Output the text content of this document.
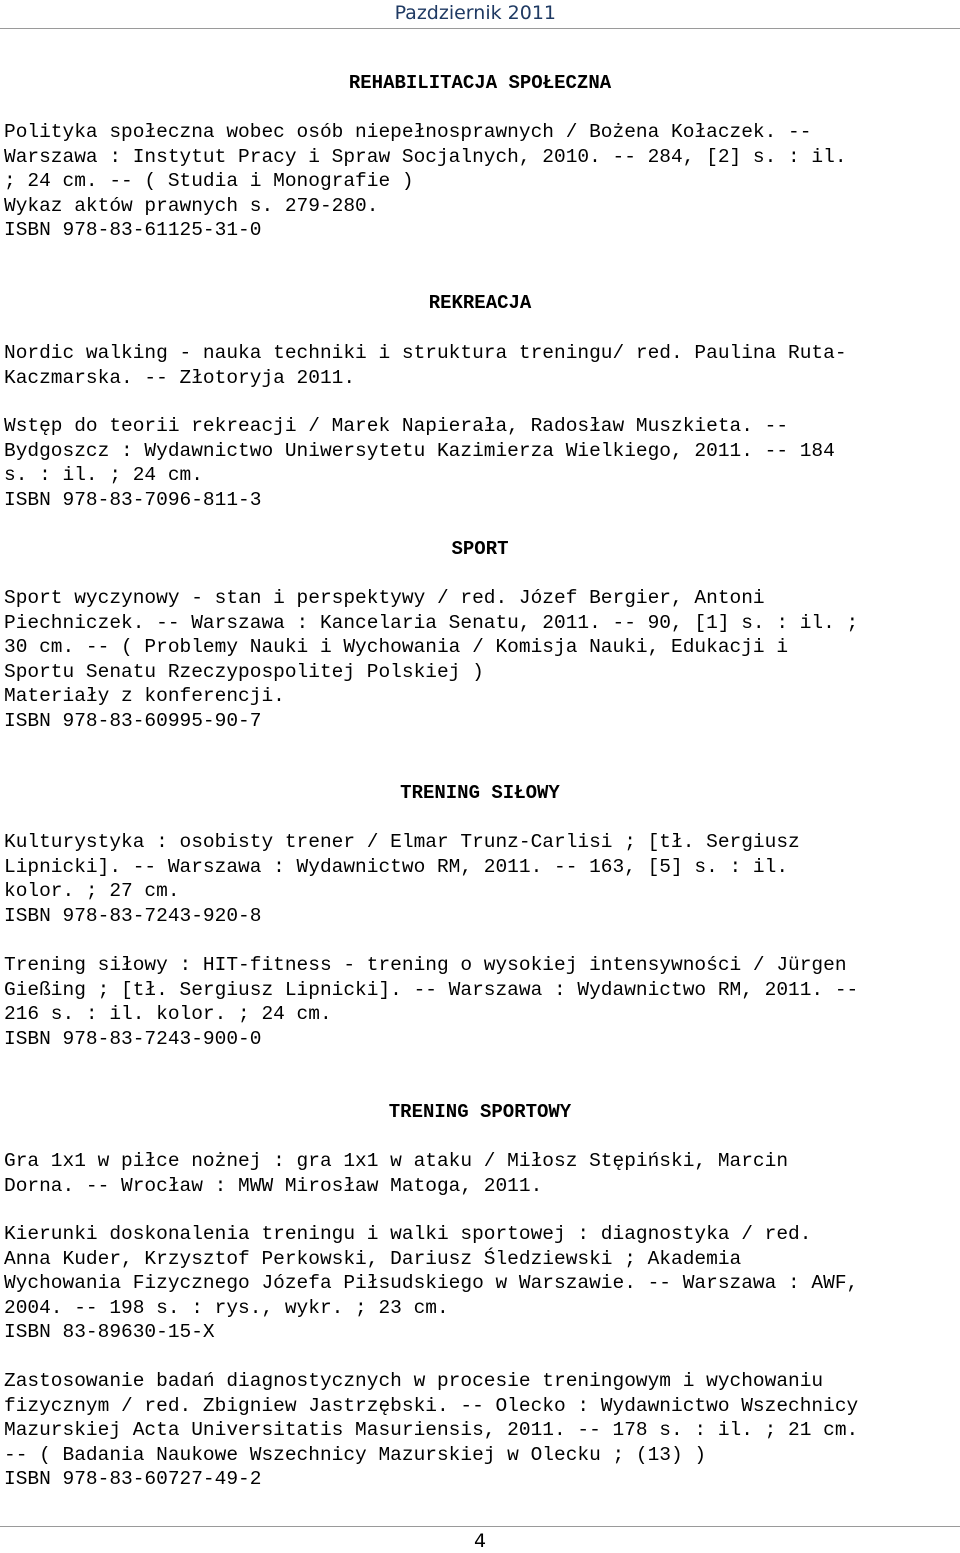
Pazdziernik 2011
REHABILITACJA SPOŁECZNA
Polityka społeczna wobec osób niepełnosprawnych / Bożena Kołaczek. --
Warszawa : Instytut Pracy i Spraw Socjalnych, 2010. -- 284, [2] s. : il.
; 24 cm. -- ( Studia i Monografie )
Wykaz aktów prawnych s. 279-280.
ISBN 978-83-61125-31-0
REKREACJA
Nordic walking - nauka techniki i struktura treningu/ red. Paulina Ruta-
Kaczmarska. -- Złotoryja 2011.
Wstęp do teorii rekreacji / Marek Napierała, Radosław Muszkieta. --
Bydgoszcz : Wydawnictwo Uniwersytetu Kazimierza Wielkiego, 2011. -- 184
s. : il. ; 24 cm.
ISBN 978-83-7096-811-3
SPORT
Sport wyczynowy - stan i perspektywy / red. Józef Bergier, Antoni
Piechniczek. -- Warszawa : Kancelaria Senatu, 2011. -- 90, [1] s. : il. ;
30 cm. -- ( Problemy Nauki i Wychowania / Komisja Nauki, Edukacji i
Sportu Senatu Rzeczypospolitej Polskiej )
Materiały z konferencji.
ISBN 978-83-60995-90-7
TRENING SIŁOWY
Kulturystyka : osobisty trener / Elmar Trunz-Carlisi ; [tł. Sergiusz
Lipnicki]. -- Warszawa : Wydawnictwo RM, 2011. -- 163, [5] s. : il.
kolor. ; 27 cm.
ISBN 978-83-7243-920-8
Trening siłowy : HIT-fitness - trening o wysokiej intensywności / Jürgen
Gießing ; [tł. Sergiusz Lipnicki]. -- Warszawa : Wydawnictwo RM, 2011. --
216 s. : il. kolor. ; 24 cm.
ISBN 978-83-7243-900-0
TRENING SPORTOWY
Gra 1x1 w piłce nożnej : gra 1x1 w ataku / Miłosz Stępiński, Marcin
Dorna. -- Wrocław : MWW Mirosław Matoga, 2011.
Kierunki doskonalenia treningu i walki sportowej : diagnostyka / red.
Anna Kuder, Krzysztof Perkowski, Dariusz Śledziewski ; Akademia
Wychowania Fizycznego Józefa Piłsudskiego w Warszawie. -- Warszawa : AWF,
2004. -- 198 s. : rys., wykr. ; 23 cm.
ISBN 83-89630-15-X
Zastosowanie badań diagnostycznych w procesie treningowym i wychowaniu
fizycznym / red. Zbigniew Jastrzębski. -- Olecko : Wydawnictwo Wszechnicy
Mazurskiej Acta Universitatis Masuriensis, 2011. -- 178 s. : il. ; 21 cm.
-- ( Badania Naukowe Wszechnicy Mazurskiej w Olecku ; (13) )
ISBN 978-83-60727-49-2
4
